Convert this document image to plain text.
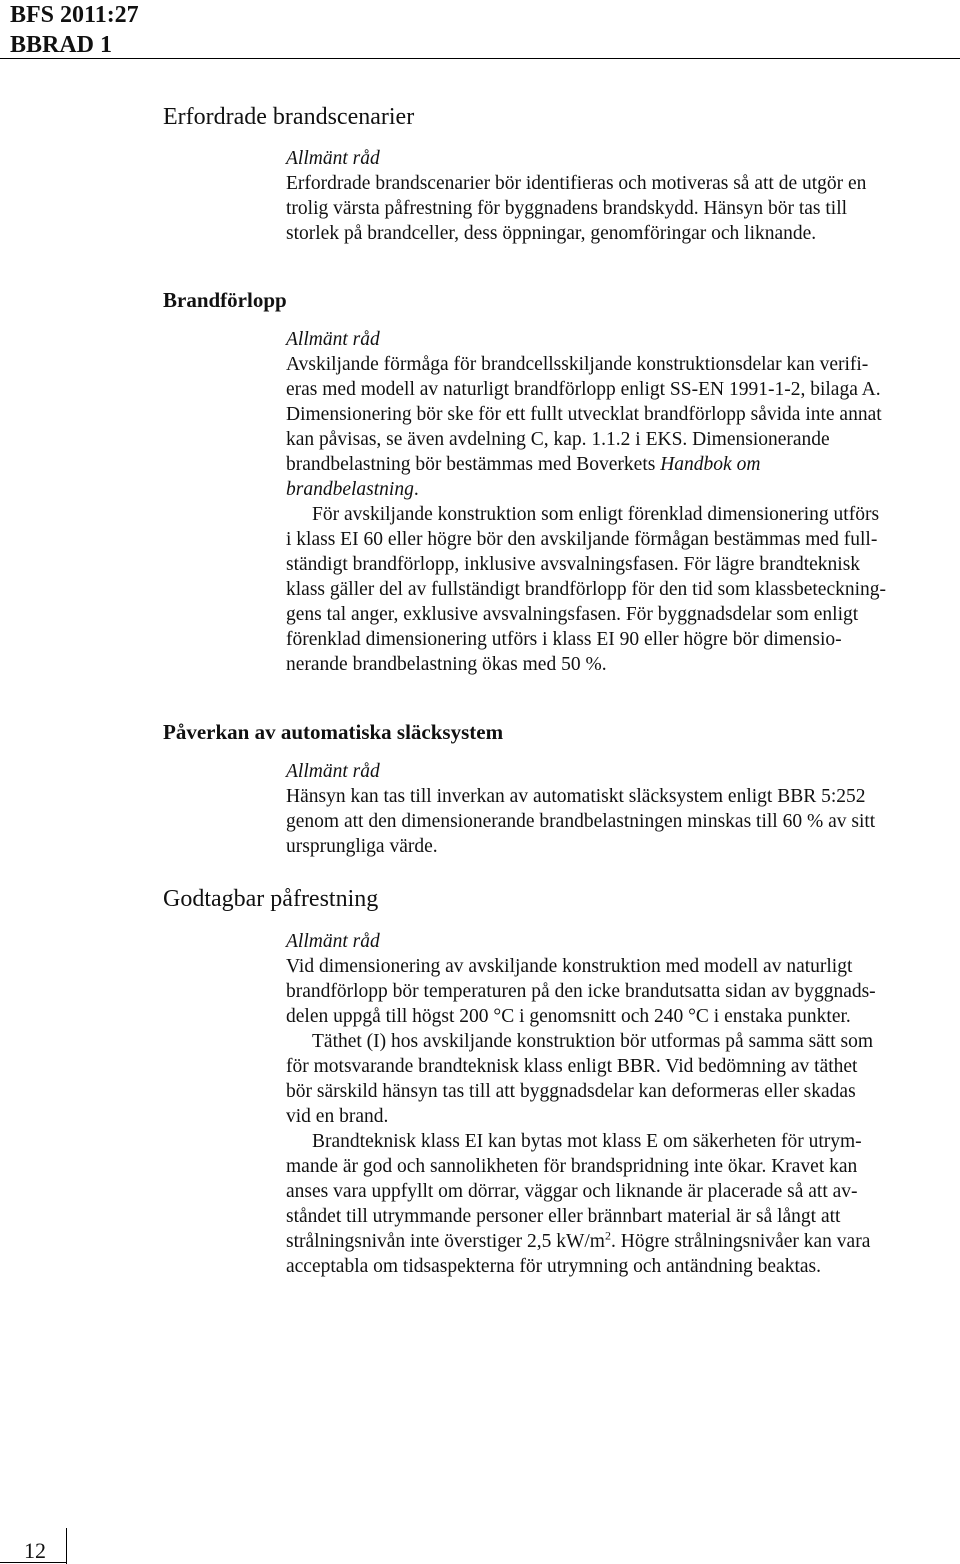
BFS 2011:27
BBRAD 1
Erfordrade brandscenarier

Allmänt råd

Erfordrade brandscenarier bör identifieras och motiveras så att de utgör en

trolig värsta påfrestning för byggnadens brandskydd. Hänsyn bör tas till

storlek på brandceller, dess öppningar, genomföringar och liknande.

Brandförlopp

Allmänt råd

Avskiljande förmåga för brandcellsskiljande konstruktionsdelar kan verifi-

eras med modell av naturligt brandförlopp enligt SS-EN 1991-1-2, bilaga A.

Dimensionering bör ske för ett fullt utvecklat brandförlopp såvida inte annat

kan påvisas, se även avdelning C, kap. 1.1.2 i EKS. Dimensionerande

brandbelastning bör bestämmas med Boverkets Handbok om

brandbelastning.

För avskiljande konstruktion som enligt förenklad dimensionering utförs

i klass EI 60 eller högre bör den avskiljande förmågan bestämmas med full-

ständigt brandförlopp, inklusive avsvalningsfasen. För lägre brandteknisk

klass gäller del av fullständigt brandförlopp för den tid som klassbeteckning-

gens tal anger, exklusive avsvalningsfasen. För byggnadsdelar som enligt

förenklad dimensionering utförs i klass EI 90 eller högre bör dimensio-

nerande brandbelastning ökas med 50 %.

Påverkan av automatiska släcksystem

Allmänt råd

Hänsyn kan tas till inverkan av automatiskt släcksystem enligt BBR 5:252

genom att den dimensionerande brandbelastningen minskas till 60 % av sitt

ursprungliga värde.

Godtagbar påfrestning

Allmänt råd

Vid dimensionering av avskiljande konstruktion med modell av naturligt

brandförlopp bör temperaturen på den icke brandutsatta sidan av byggnads-

delen uppgå till högst 200 °C i genomsnitt och 240 °C i enstaka punkter.

Täthet (I) hos avskiljande konstruktion bör utformas på samma sätt som

för motsvarande brandteknisk klass enligt BBR. Vid bedömning av täthet

bör särskild hänsyn tas till att byggnadsdelar kan deformeras eller skadas

vid en brand.

Brandteknisk klass EI kan bytas mot klass E om säkerheten för utrym-

mande är god och sannolikheten för brandspridning inte ökar. Kravet kan

anses vara uppfyllt om dörrar, väggar och liknande är placerade så att av-

ståndet till utrymmande personer eller brännbart material är så långt att

strålningsnivån inte överstiger 2,5 $kW/m^2$. Högre strålningsnivåer kan vara

acceptabla om tidsaspekterna för utrymning och antändning beaktas.

12
